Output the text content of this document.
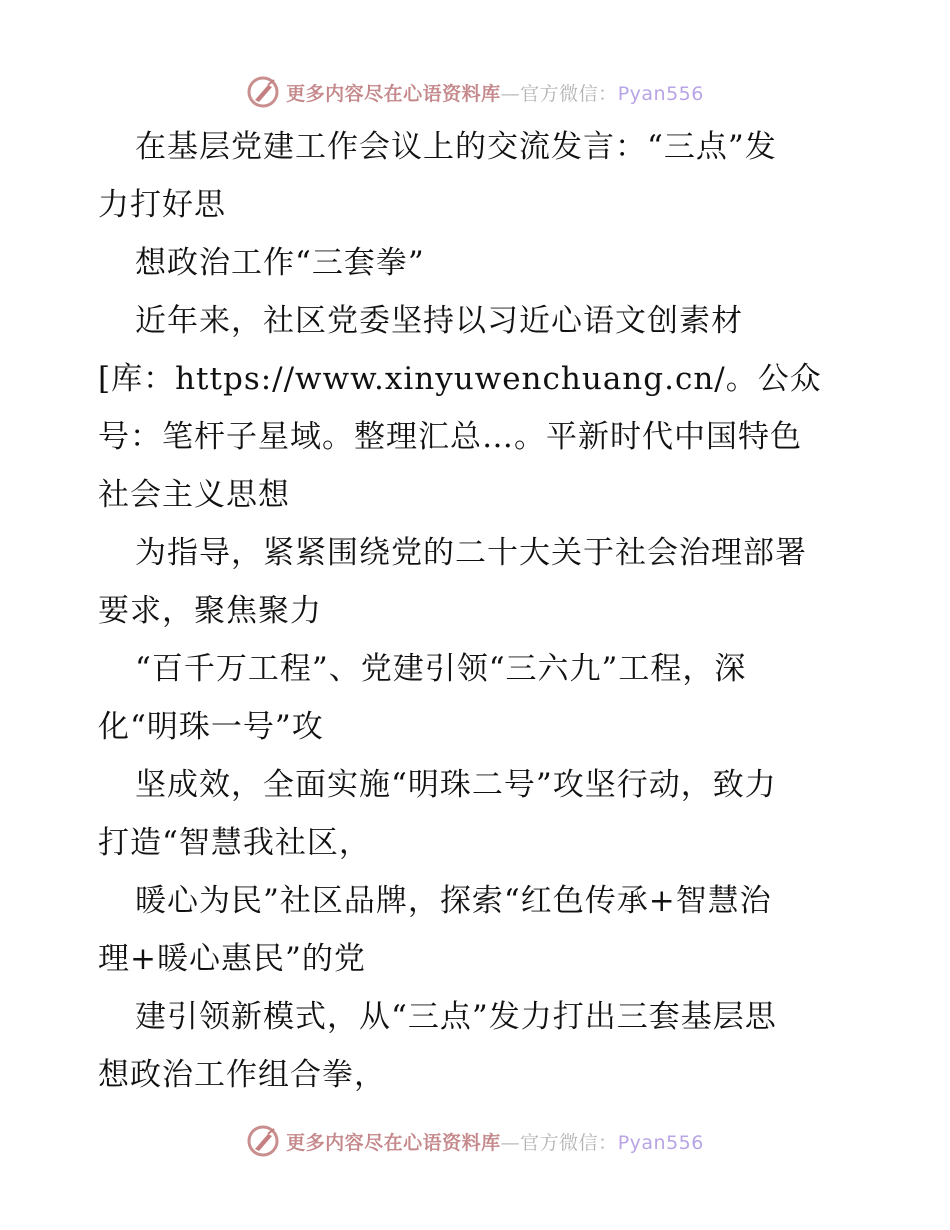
更多内容尽在心语资料库—官方微信：Pyan556
在基层党建工作会议上的交流发言：“三点”发
力打好思
想政治工作“三套拳”
近年来，社区党委坚持以习近心语文创素材
[库：https://www.xinyuwenchuang.cn/。公众
号：笔杆子星域。整理汇总…。平新时代中国特色
社会主义思想
为指导，紧紧围绕党的二十大关于社会治理部署
要求，聚焦聚力
“百千万工程”、党建引领“三六九”工程，深
化“明珠一号”攻
坚成效，全面实施“明珠二号”攻坚行动，致力
打造“智慧我社区，
暖心为民”社区品牌，探索“红色传承+智慧治
理+暖心惠民”的党
建引领新模式，从“三点”发力打出三套基层思
想政治工作组合拳，
更多内容尽在心语资料库—官方微信：Pyan556
